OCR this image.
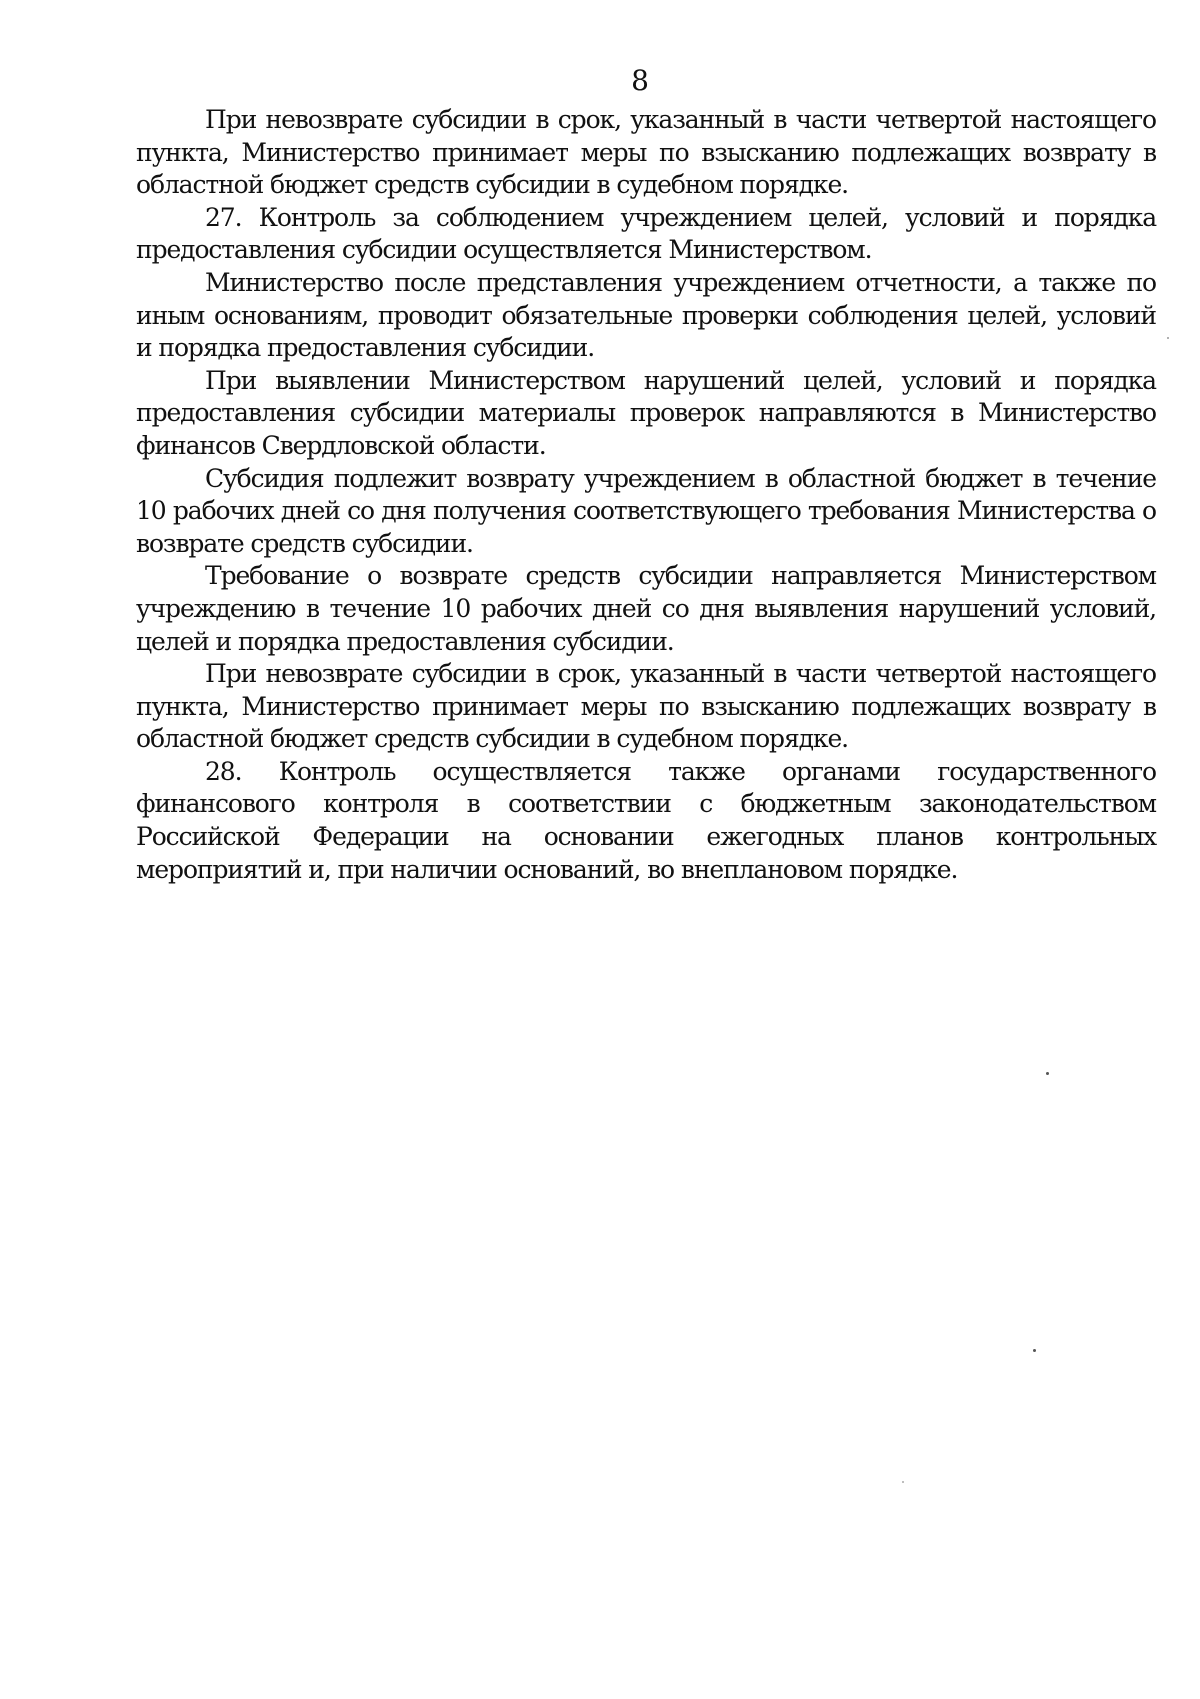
8

При невозврате субсидии в срок, указанный в части четвертой настоящего пункта, Министерство принимает меры по взысканию подлежащих возврату в областной бюджет средств субсидии в судебном порядке.

27. Контроль за соблюдением учреждением целей, условий и порядка предоставления субсидии осуществляется Министерством.

Министерство после представления учреждением отчетности, а также по иным основаниям, проводит обязательные проверки соблюдения целей, условий и порядка предоставления субсидии.

При выявлении Министерством нарушений целей, условий и порядка предоставления субсидии материалы проверок направляются в Министерство финансов Свердловской области.

Субсидия подлежит возврату учреждением в областной бюджет в течение 10 рабочих дней со дня получения соответствующего требования Министерства о возврате средств субсидии.

Требование о возврате средств субсидии направляется Министерством учреждению в течение 10 рабочих дней со дня выявления нарушений условий, целей и порядка предоставления субсидии.

При невозврате субсидии в срок, указанный в части четвертой настоящего пункта, Министерство принимает меры по взысканию подлежащих возврату в областной бюджет средств субсидии в судебном порядке.

28. Контроль осуществляется также органами государственного финансового контроля в соответствии с бюджетным законодательством Российской Федерации на основании ежегодных планов контрольных мероприятий и, при наличии оснований, во внеплановом порядке.
